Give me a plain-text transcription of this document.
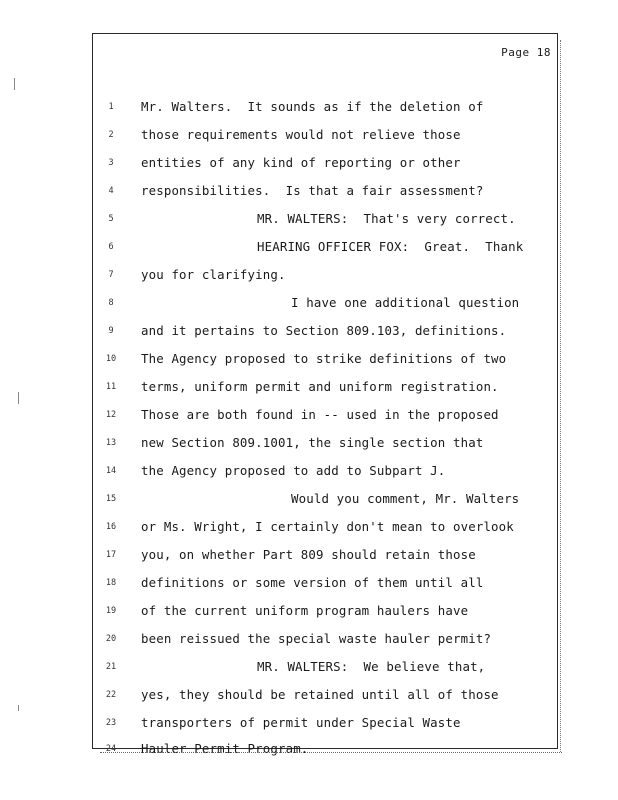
Page 18
1	Mr. Walters.  It sounds as if the deletion of
2	those requirements would not relieve those
3	entities of any kind of reporting or other
4	responsibilities.  Is that a fair assessment?
5	MR. WALTERS:  That's very correct.
6	HEARING OFFICER FOX:  Great.  Thank
7	you for clarifying.
8	I have one additional question
9	and it pertains to Section 809.103, definitions.
10	The Agency proposed to strike definitions of two
11	terms, uniform permit and uniform registration.
12	Those are both found in -- used in the proposed
13	new Section 809.1001, the single section that
14	the Agency proposed to add to Subpart J.
15	Would you comment, Mr. Walters
16	or Ms. Wright, I certainly don't mean to overlook
17	you, on whether Part 809 should retain those
18	definitions or some version of them until all
19	of the current uniform program haulers have
20	been reissued the special waste hauler permit?
21	MR. WALTERS:  We believe that,
22	yes, they should be retained until all of those
23	transporters of permit under Special Waste
24	Hauler Permit Program.
